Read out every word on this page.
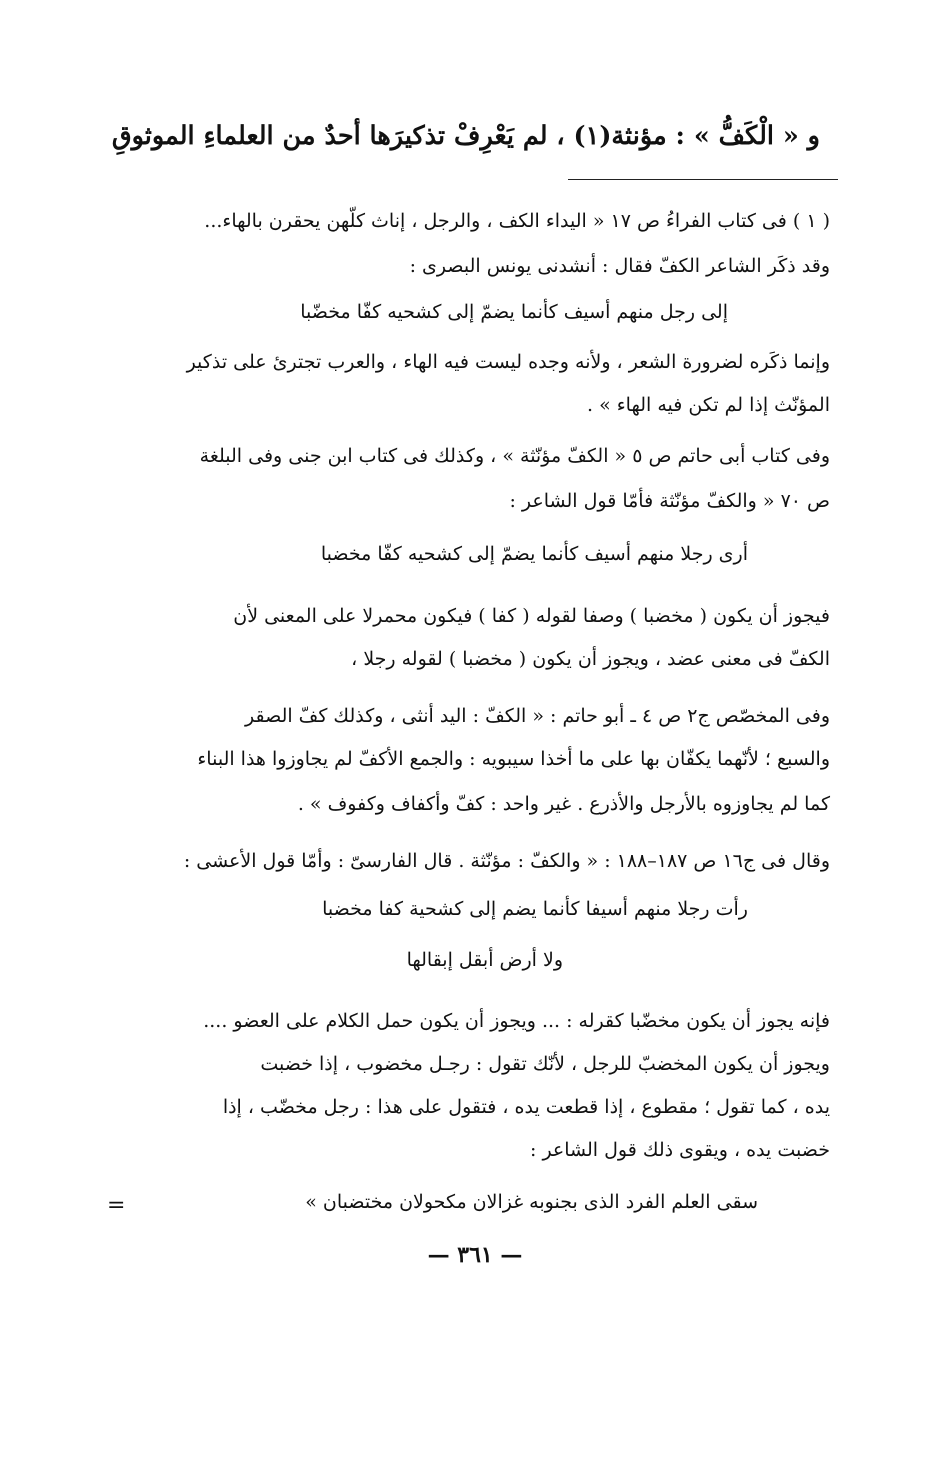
و « الْكَفُّ » : مؤنثة(١) ، لم يَعْرِفْ تذكيرَها أحدٌ من العلماءِ الموثوقِ
( ١ ) فى كتاب الفراءُ ص ١٧ « اليداء الكف ، والرجل ، إناث كلّهن يحقرن بالهاء...
وقد ذكَر الشاعر الكفّ فقال : أنشدنى يونس البصرى :
إلى رجل منهم أسيف كأنما يضمّ إلى كشحيه كفّا مخضّبا
وإنما ذكَره لضرورة الشعر ، ولأنه وجده ليست فيه الهاء ، والعرب تجترئ على تذكير
المؤنّث إذا لم تكن فيه الهاء » .
وفى كتاب أبى حاتم ص ٥ « الكفّ مؤنّثة » ، وكذلك فى كتاب ابن جنى وفى البلغة
ص ٧٠ « والكفّ مؤنّثة فأمّا قول الشاعر :
أرى رجلا منهم أسيف كأنما يضمّ إلى كشحيه كفّا مخضبا
فيجوز أن يكون ( مخضبا ) وصفا لقوله ( كفا ) فيكون محمرلا على المعنى لأن
الكفّ فى معنى عضد ، ويجوز أن يكون ( مخضبا ) لقوله رجلا ،
وفى المخصّص ج٢ ص ٤ ـ أبو حاتم : « الكفّ : اليد أنثى ، وكذلك كفّ الصقر
والسبع ؛ لأنّهما يكفّان بها على ما أخذا سيبويه : والجمع الأكفّ لم يجاوزوا هذا البناء
كما لم يجاوزوه بالأرجل والأذرع . غير واحد : كفّ وأكفاف وكفوف » .
وقال فى ج١٦ ص ١٨٧–١٨٨ : « والكفّ : مؤنّثة . قال الفارسىّ : وأمّا قول الأعشى :
رأت رجلا منهم أسيفا كأنما يضم إلى كشحية كفا مخضبا
ولا أرض أبقل إبقالها
فإنه يجوز أن يكون مخضّبا كقرله : ... ويجوز أن يكون حمل الكلام على العضو ....
ويجوز أن يكون المخضبّ للرجل ، لأنّك تقول : رجـل مخضوب ، إذا خضبت
يده ، كما تقول ؛ مقطوع ، إذا قطعت يده ، فتقول على هذا : رجل مخضّب ، إذا
خضبت يده ، ويقوى ذلك قول الشاعر :
سقى العلم الفرد الذى بجنوبه غزالان مكحولان مختضبان »
=
— ٣٦١ —
